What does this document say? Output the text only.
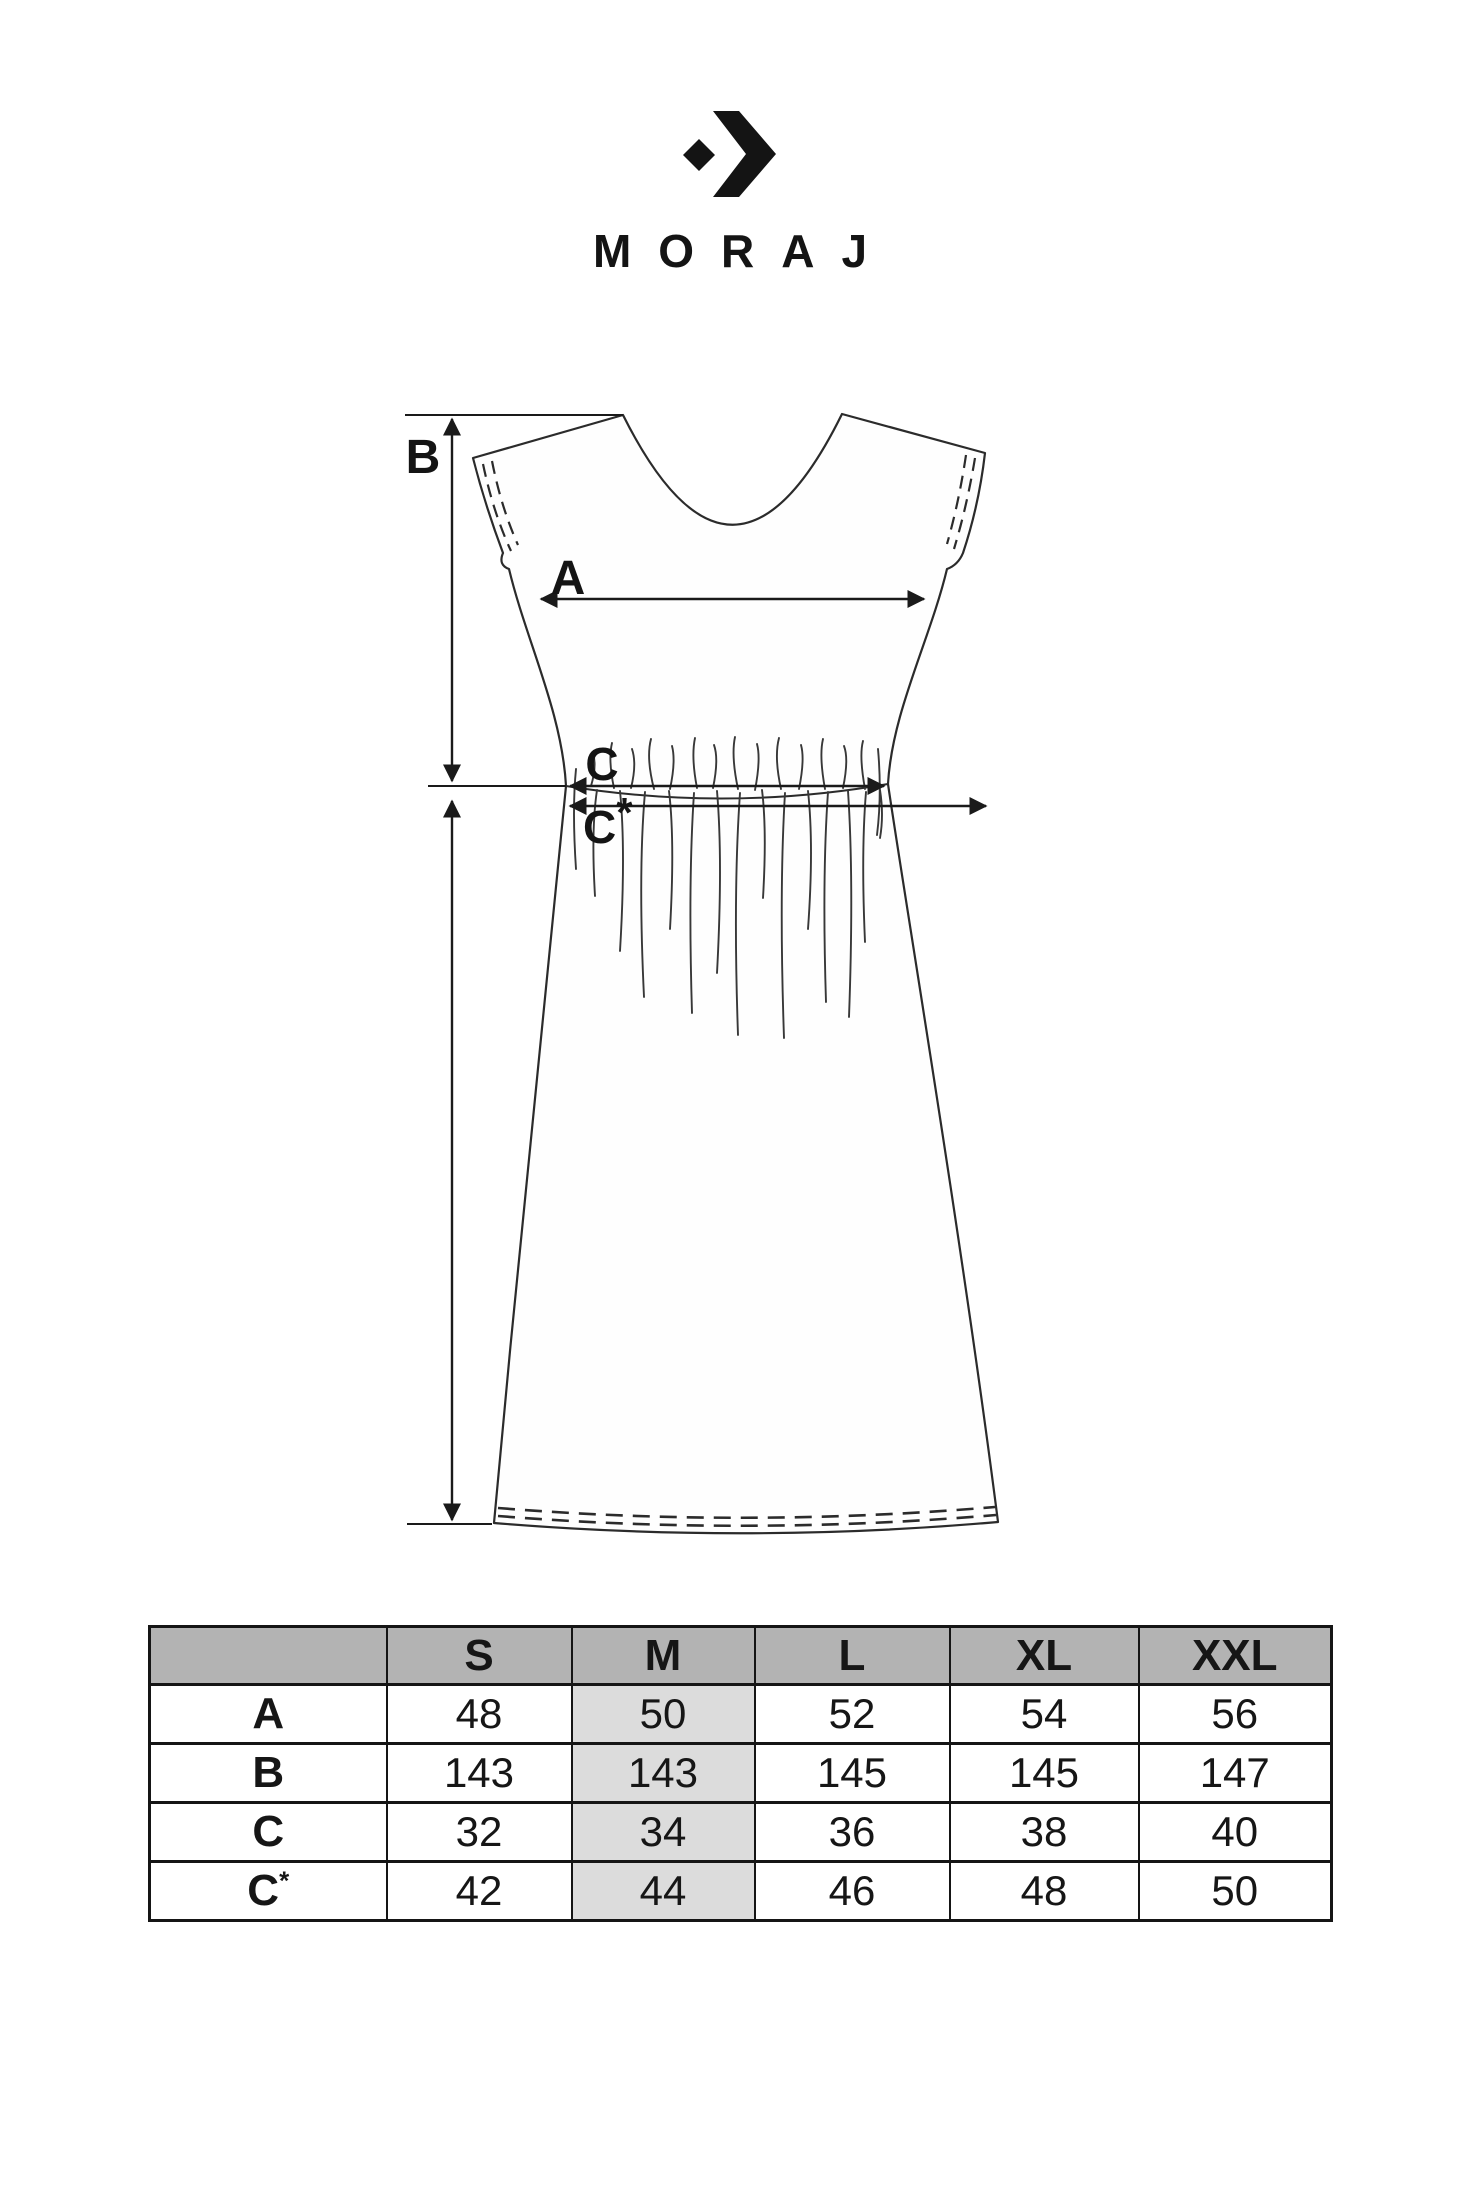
MORAJ
B
A
C
C*
	S	M	L	XL	XXL
A	48	50	52	54	56
B	143	143	145	145	147
C	32	34	36	38	40
C*	42	44	46	48	50
